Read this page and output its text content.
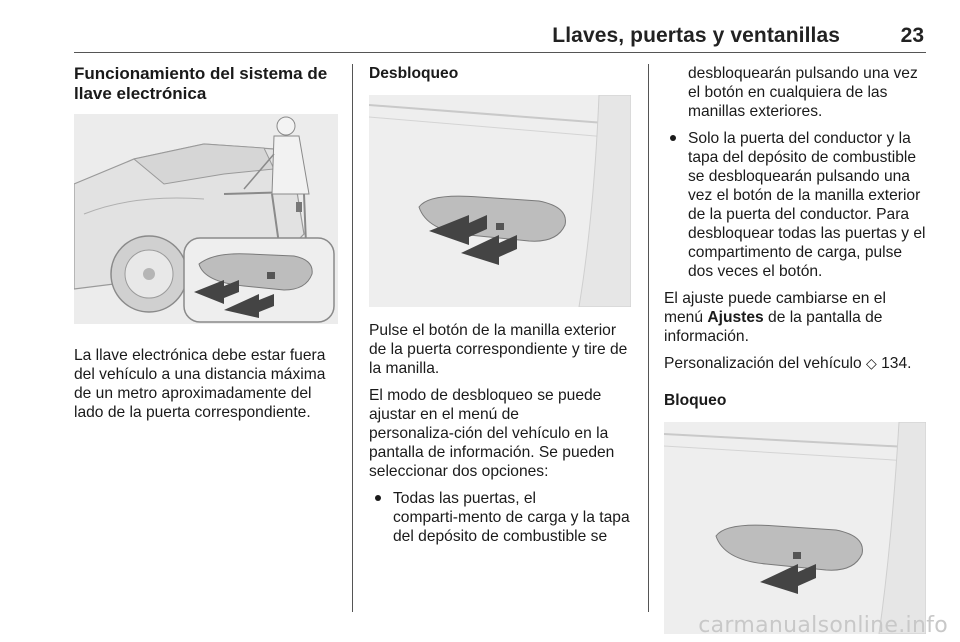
Llaves, puertas y ventanillas	23
Funcionamiento del sistema de llave electrónica

La llave electrónica debe estar fuera del vehículo a una distancia máxima de un metro aproximadamente del lado de la puerta correspondiente.

Desbloqueo

Pulse el botón de la manilla exterior de la puerta correspondiente y tire de la manilla.

El modo de desbloqueo se puede ajustar en el menú de personaliza‑ción del vehículo en la pantalla de información. Se pueden seleccionar dos opciones:

Todas las puertas, el comparti‑mento de carga y la tapa del depósito de combustible se
desbloquearán pulsando una vez el botón en cualquiera de las manillas exteriores.
Solo la puerta del conductor y la tapa del depósito de combustible se desbloquearán pulsando una vez el botón de la manilla exterior de la puerta del conductor. Para desbloquear todas las puertas y el compartimento de carga, pulse dos veces el botón.

El ajuste puede cambiarse en el menú Ajustes de la pantalla de información.

Personalización del vehículo ◇ 134.

Bloqueo
carmanualsonline.info
